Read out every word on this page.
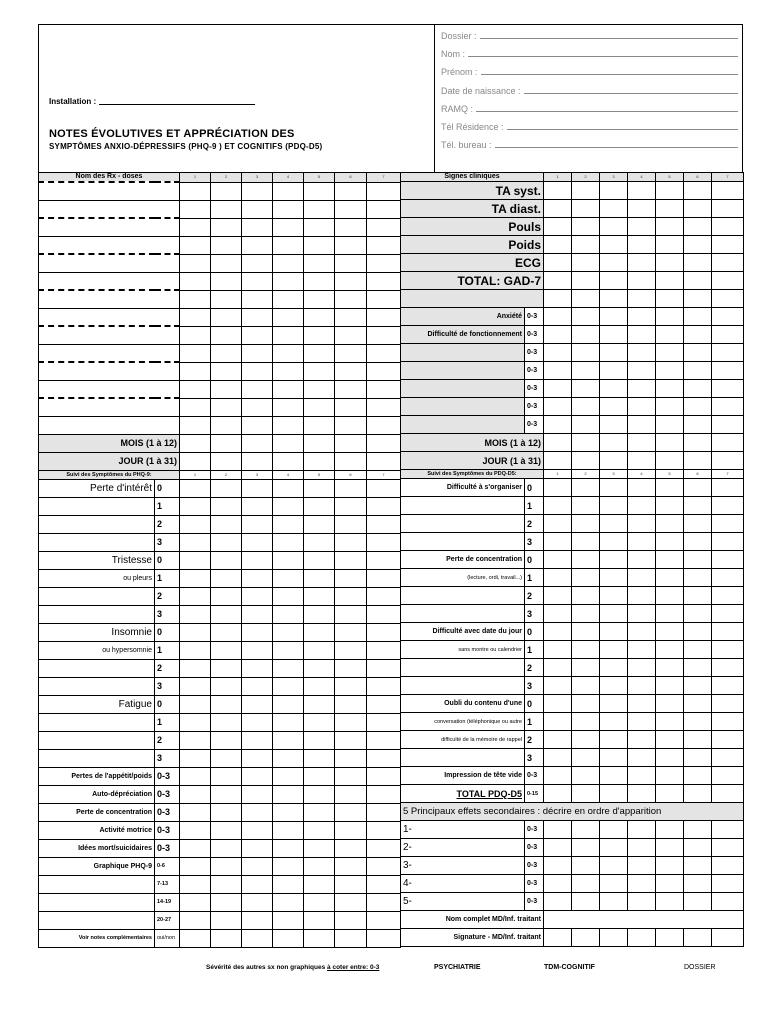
Installation :
NOTES ÉVOLUTIVES ET APPRÉCIATION DES
SYMPTÔMES ANXIO-DÉPRESSIFS (PHQ-9 ) ET COGNITIFS (PDQ-D5)
Dossier :
Nom :
Prénom :
Date de naissance :
RAMQ :
Tél Résidence :
Tél. bureau :
Nom des Rx - doses		1	2	3	4	5	6	7

MOIS (1 à 12)								
JOUR (1 à 31)								
Suivi des Symptômes du PHQ-9:		1	2	3	4	5	6	7
Perte d'intérêt	0							
	1							
	2							
	3							
Tristesse	0							
ou pleurs	1							
	2							
	3							
Insomnie	0							
ou hypersomnie	1							
	2							
	3							
Fatigue	0							
	1							
	2							
	3							
Pertes de l'appétit/poids	0-3							
Auto-dépréciation	0-3							
Perte de concentration	0-3							
Activité motrice	0-3							
Idées mort/suicidaires	0-3							
Graphique PHQ-9	0-6							
	7-13							
	14-19							
	20-27							
Voir notes complémentaires	oui/non							
Signes cliniques		1	2	3	4	5	6	7
TA syst.								
TA diast.								
Pouls								
Poids								
ECG								
TOTAL: GAD-7								

Anxiété	0-3							
Difficulté de fonctionnement	0-3							
	0-3							
	0-3							
	0-3							
	0-3							
	0-3							
MOIS (1 à 12)								
JOUR (1 à 31)								
Suivi des Symptômes du PDQ-D5:		1	2	3	4	5	6	7
Difficulté à s'organiser	0							
	1							
	2							
	3							
Perte de concentration	0							
(lecture, ordi, travail...)	1							
	2							
	3							
Difficulté avec date du jour	0							
sans montre ou calendrier	1							
	2							
	3							
Oubli du contenu d'une	0							
conversation (téléphonique ou autre	1							
difficulté de la mémoire de rappel	2							
	3							
Impression de tête vide	0-3							
TOTAL PDQ-D5	0-15							
5 Principaux effets secondaires : décrire en ordre d'apparition								
1-	0-3							
2-	0-3							
3-	0-3							
4-	0-3							
5-	0-3							
Nom complet MD/Inf. traitant								
Signature - MD/Inf. traitant								
Sévérité des autres sx non graphiques à coter entre: 0-3	PSYCHIATRIE	TDM-COGNITIF	DOSSIER
